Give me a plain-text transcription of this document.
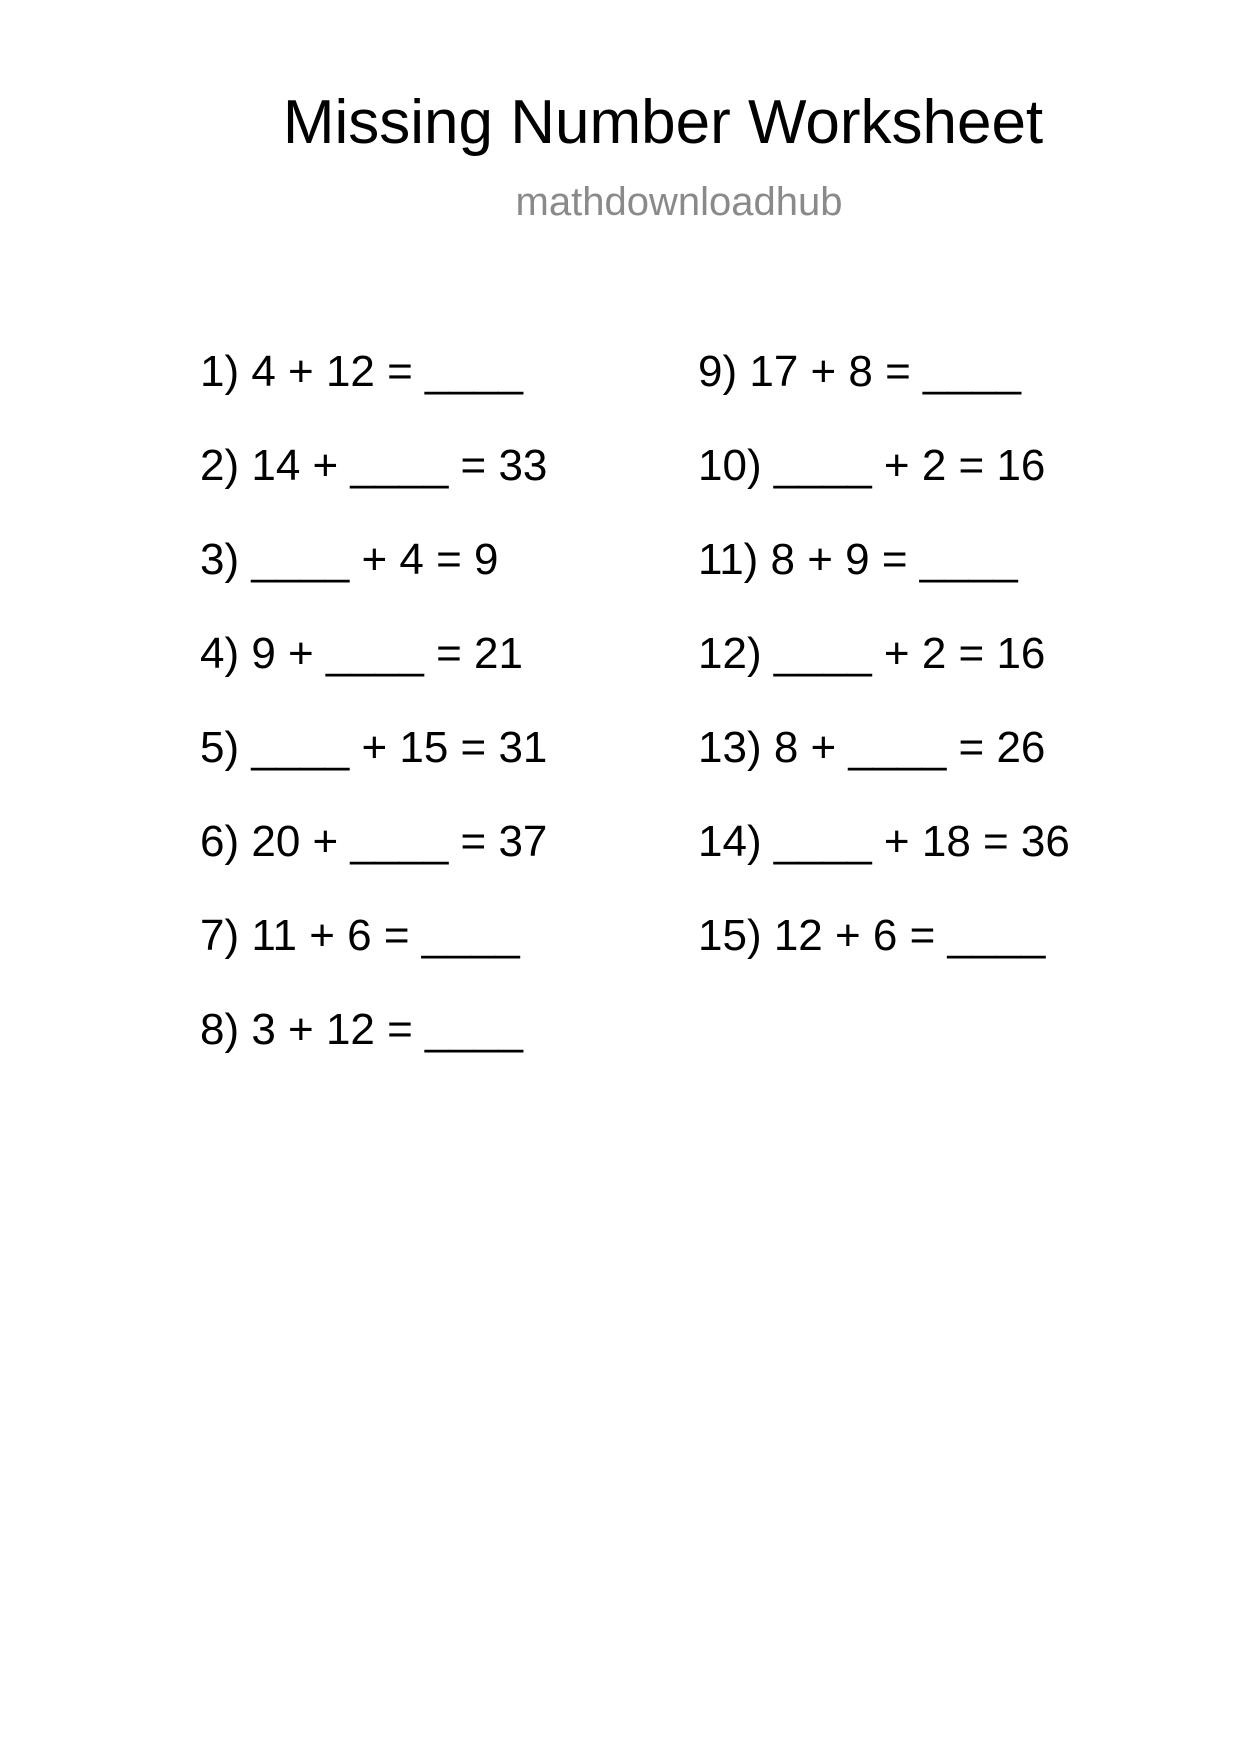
Missing Number Worksheet
mathdownloadhub
1) 4 + 12 = ____
2) 14 + ____ = 33
3) ____ + 4 = 9
4) 9 + ____ = 21
5) ____ + 15 = 31
6) 20 + ____ = 37
7) 11 + 6 = ____
8) 3 + 12 = ____
9) 17 + 8 = ____
10) ____ + 2 = 16
11) 8 + 9 = ____
12) ____ + 2 = 16
13) 8 + ____ = 26
14) ____ + 18 = 36
15) 12 + 6 = ____
